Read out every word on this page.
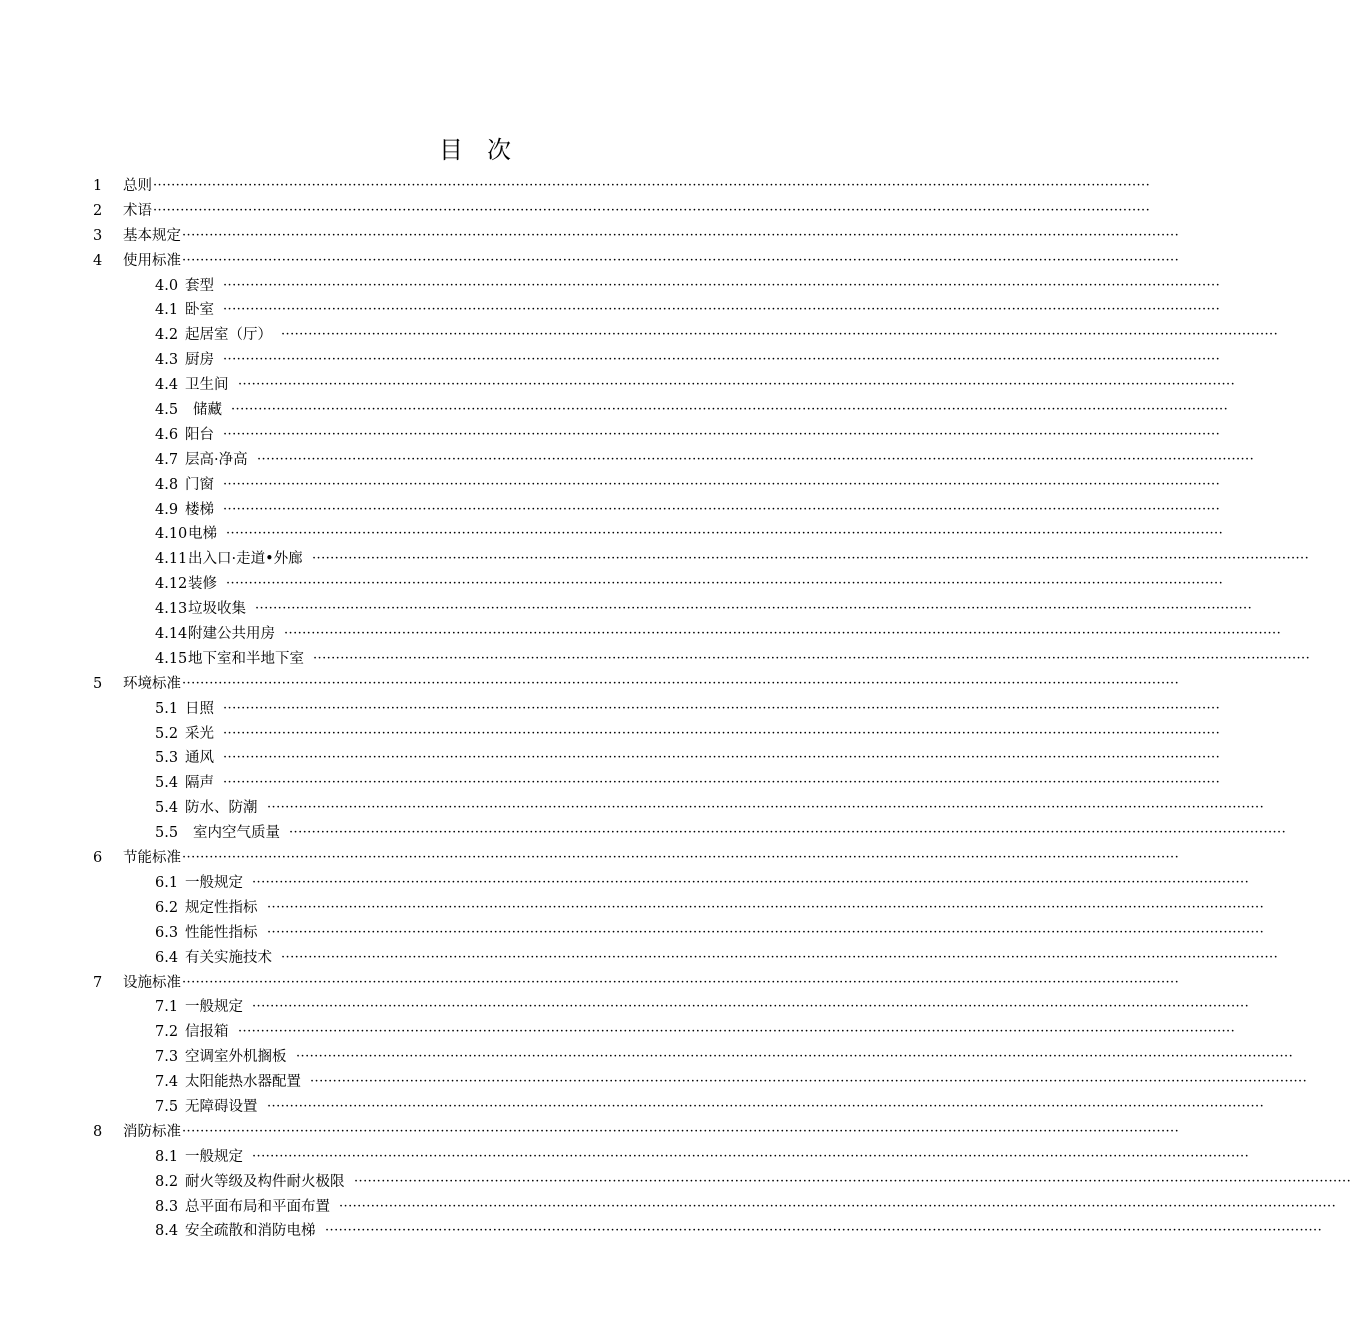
目　次
1 总则 ····························································································································································································································
2 术语 ····························································································································································································································
3 基本规定 ····························································································································································································································
4 使用标准 ····························································································································································································································
4.0 套型 ····························································································································································································································
4.1 卧室 ····························································································································································································································
4.2 起居室（厅） ····························································································································································································································
4.3 厨房 ····························································································································································································································
4.4 卫生间 ····························································································································································································································
4.5 储藏 ····························································································································································································································
4.6 阳台 ····························································································································································································································
4.7 层高·净高 ····························································································································································································································
4.8 门窗 ····························································································································································································································
4.9 楼梯 ····························································································································································································································
4.10 电梯 ····························································································································································································································
4.11 出入口·走道•外廊 ····························································································································································································································
4.12 装修 ····························································································································································································································
4.13 垃圾收集 ····························································································································································································································
4.14 附建公共用房 ····························································································································································································································
4.15 地下室和半地下室 ····························································································································································································································
5 环境标准 ····························································································································································································································
5.1 日照 ····························································································································································································································
5.2 采光 ····························································································································································································································
5.3 通风 ····························································································································································································································
5.4 隔声 ····························································································································································································································
5.4 防水、防潮 ····························································································································································································································
5.5 室内空气质量 ····························································································································································································································
6 节能标准 ····························································································································································································································
6.1 一般规定 ····························································································································································································································
6.2 规定性指标 ····························································································································································································································
6.3 性能性指标 ····························································································································································································································
6.4 有关实施技术 ····························································································································································································································
7 设施标准 ····························································································································································································································
7.1 一般规定 ····························································································································································································································
7.2 信报箱 ····························································································································································································································
7.3 空调室外机搁板 ····························································································································································································································
7.4 太阳能热水器配置 ····························································································································································································································
7.5 无障碍设置 ····························································································································································································································
8 消防标准 ····························································································································································································································
8.1 一般规定 ····························································································································································································································
8.2 耐火等级及构件耐火极限 ····························································································································································································································
8.3 总平面布局和平面布置 ····························································································································································································································
8.4 安全疏散和消防电梯 ····························································································································································································································
